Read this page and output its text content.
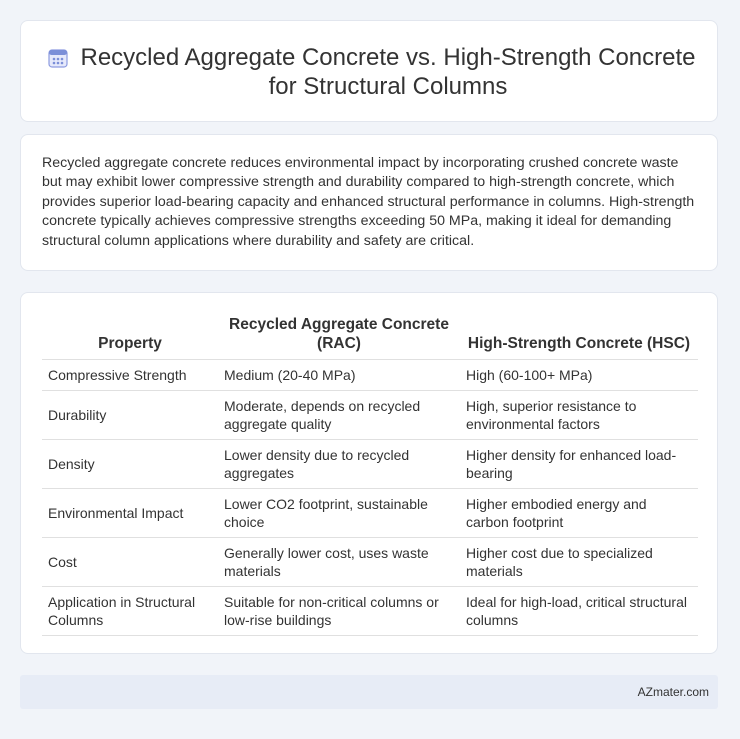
Recycled Aggregate Concrete vs. High-Strength Concrete for Structural Columns

Recycled aggregate concrete reduces environmental impact by incorporating crushed concrete waste but may exhibit lower compressive strength and durability compared to high-strength concrete, which provides superior load-bearing capacity and enhanced structural performance in columns. High-strength concrete typically achieves compressive strengths exceeding 50 MPa, making it ideal for demanding structural column applications where durability and safety are critical.

Property	Recycled Aggregate Concrete (RAC)	High-Strength Concrete (HSC)
Compressive Strength	Medium (20-40 MPa)	High (60-100+ MPa)
Durability	Moderate, depends on recycled aggregate quality	High, superior resistance to environmental factors
Density	Lower density due to recycled aggregates	Higher density for enhanced load-bearing
Environmental Impact	Lower CO2 footprint, sustainable choice	Higher embodied energy and carbon footprint
Cost	Generally lower cost, uses waste materials	Higher cost due to specialized materials
Application in Structural Columns	Suitable for non-critical columns or low-rise buildings	Ideal for high-load, critical structural columns
AZmater.com
